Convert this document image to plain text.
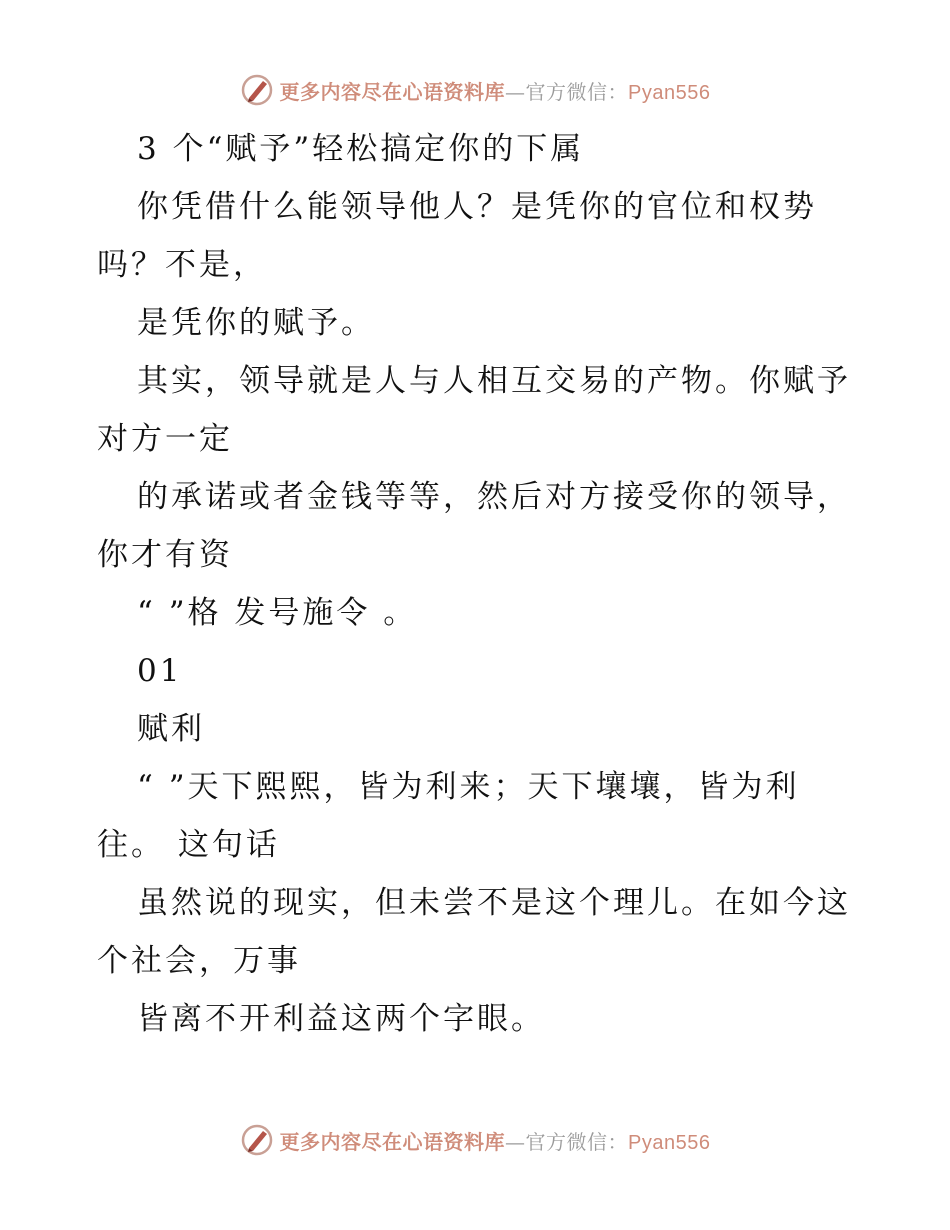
更多内容尽在心语资料库—官方微信：Pyan556
3 个“赋予”轻松搞定你的下属
你凭借什么能领导他人？是凭你的官位和权势
吗？不是，
是凭你的赋予。
其实，领导就是人与人相互交易的产物。你赋予
对方一定
的承诺或者金钱等等，然后对方接受你的领导，
你才有资
“ ”格 发号施令 。
01
赋利
“ ”天下熙熙，皆为利来；天下壤壤，皆为利
往。 这句话
虽然说的现实，但未尝不是这个理儿。在如今这
个社会，万事
皆离不开利益这两个字眼。
更多内容尽在心语资料库—官方微信：Pyan556
